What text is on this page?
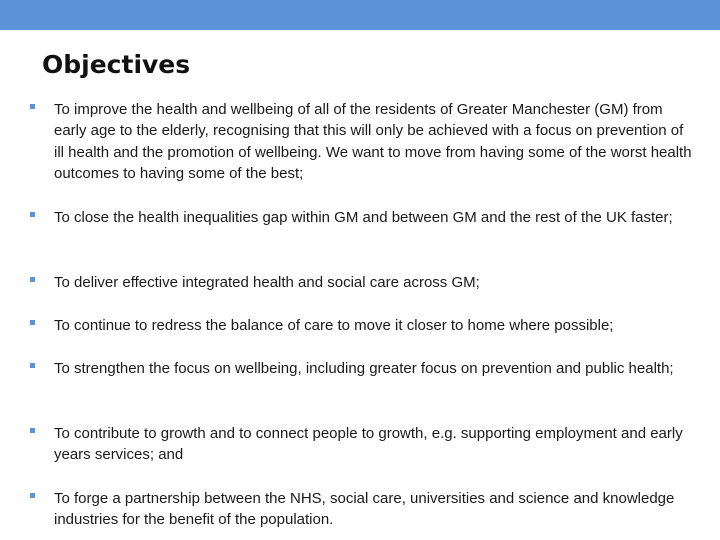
Objectives
To improve the health and wellbeing of all of the residents of Greater Manchester (GM) from early age to the elderly, recognising that this will only be achieved with a focus on prevention of ill health and the promotion of wellbeing. We want to move from having some of the worst health outcomes to having some of the best;
To close the health inequalities gap within GM and between GM and the rest of the UK faster;
To deliver effective integrated health and social care across GM;
To continue to redress the balance of care to move it closer to home where possible;
To strengthen the focus on wellbeing, including greater focus on prevention and public health;
To contribute to growth and to connect people to growth, e.g. supporting employment and early years services; and
To forge a partnership between the NHS, social care, universities and science and knowledge industries for the benefit of the population.
